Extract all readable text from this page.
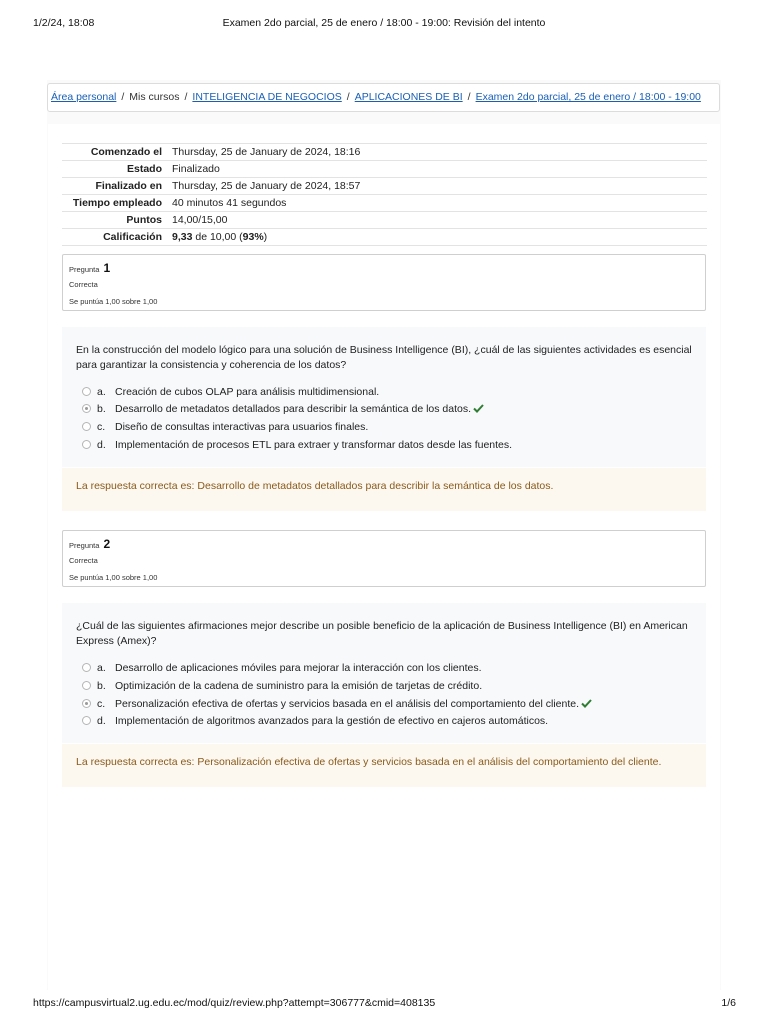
1/2/24, 18:08	Examen 2do parcial, 25 de enero / 18:00 - 19:00: Revisión del intento
Área personal / Mis cursos / INTELIGENCIA DE NEGOCIOS / APLICACIONES DE BI / Examen 2do parcial, 25 de enero / 18:00 - 19:00
Comenzado el	Thursday, 25 de January de 2024, 18:16
Estado	Finalizado
Finalizado en	Thursday, 25 de January de 2024, 18:57
Tiempo empleado	40 minutos 41 segundos
Puntos	14,00/15,00
Calificación	9,33 de 10,00 (93%)
Pregunta 1
Correcta
Se puntúa 1,00 sobre 1,00
En la construcción del modelo lógico para una solución de Business Intelligence (BI), ¿cuál de las siguientes actividades es esencial para garantizar la consistencia y coherencia de los datos?
a. Creación de cubos OLAP para análisis multidimensional.
b. Desarrollo de metadatos detallados para describir la semántica de los datos.
c. Diseño de consultas interactivas para usuarios finales.
d. Implementación de procesos ETL para extraer y transformar datos desde las fuentes.
La respuesta correcta es: Desarrollo de metadatos detallados para describir la semántica de los datos.
Pregunta 2
Correcta
Se puntúa 1,00 sobre 1,00
¿Cuál de las siguientes afirmaciones mejor describe un posible beneficio de la aplicación de Business Intelligence (BI) en American Express (Amex)?
a. Desarrollo de aplicaciones móviles para mejorar la interacción con los clientes.
b. Optimización de la cadena de suministro para la emisión de tarjetas de crédito.
c. Personalización efectiva de ofertas y servicios basada en el análisis del comportamiento del cliente.
d. Implementación de algoritmos avanzados para la gestión de efectivo en cajeros automáticos.
La respuesta correcta es: Personalización efectiva de ofertas y servicios basada en el análisis del comportamiento del cliente.
https://campusvirtual2.ug.edu.ec/mod/quiz/review.php?attempt=306777&cmid=408135	1/6
